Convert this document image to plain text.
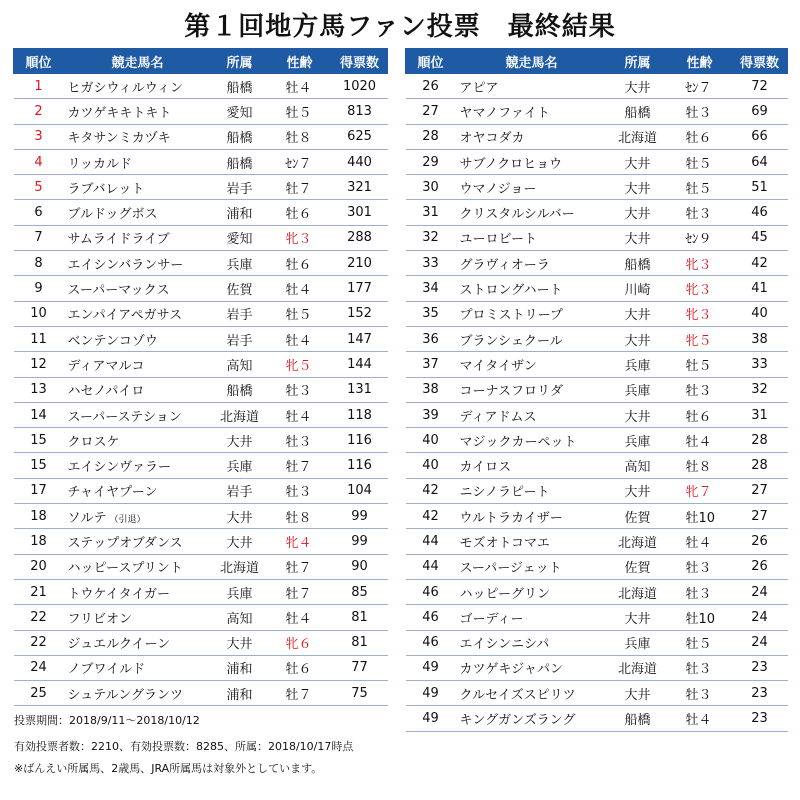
第１回地方馬ファン投票　最終結果
順位	競走馬名	所属	性齢	得票数
1	ヒガシウィルウィン	船橋	牡４	1020
2	カツゲキキトキト	愛知	牡５	813
3	キタサンミカヅキ	船橋	牡８	625
4	リッカルド	船橋	ｾﾝ７	440
5	ラブバレット	岩手	牡７	321
6	ブルドッグボス	浦和	牡６	301
7	サムライドライブ	愛知	牝３	288
8	エイシンバランサー	兵庫	牡６	210
9	スーパーマックス	佐賀	牡４	177
10	エンパイアペガサス	岩手	牡５	152
11	ベンテンコゾウ	岩手	牡４	147
12	ディアマルコ	高知	牝５	144
13	ハセノパイロ	船橋	牡３	131
14	スーパーステション	北海道	牡４	118
15	クロスケ	大井	牡３	116
15	エイシンヴァラー	兵庫	牡７	116
17	チャイヤプーン	岩手	牡３	104
18	ソルテ （引退）	大井	牡８	99
18	ステップオブダンス	大井	牝４	99
20	ハッピースプリント	北海道	牡７	90
21	トウケイタイガー	兵庫	牡７	85
22	フリビオン	高知	牡４	81
22	ジュエルクイーン	大井	牝６	81
24	ノブワイルド	浦和	牡６	77
25	シュテルングランツ	浦和	牡７	75
順位	競走馬名	所属	性齢	得票数
26	アピア	大井	ｾﾝ７	72
27	ヤマノファイト	船橋	牡３	69
28	オヤコダカ	北海道	牡６	66
29	サブノクロヒョウ	大井	牡５	64
30	ウマノジョー	大井	牡５	51
31	クリスタルシルバー	大井	牡３	46
32	ユーロビート	大井	ｾﾝ９	45
33	グラヴィオーラ	船橋	牝３	42
34	ストロングハート	川崎	牝３	41
35	プロミストリープ	大井	牝３	40
36	ブランシェクール	大井	牝５	38
37	マイタイザン	兵庫	牡５	33
38	コーナスフロリダ	兵庫	牡３	32
39	ディアドムス	大井	牡６	31
40	マジックカーペット	兵庫	牡４	28
40	カイロス	高知	牡８	28
42	ニシノラピート	大井	牝７	27
42	ウルトラカイザー	佐賀	牡10	27
44	モズオトコマエ	北海道	牡４	26
44	スーパージェット	佐賀	牡３	26
46	ハッピーグリン	北海道	牡３	24
46	ゴーディー	大井	牡10	24
46	エイシンニシパ	兵庫	牡５	24
49	カツゲキジャパン	北海道	牡３	23
49	クルセイズスピリツ	大井	牡３	23
49	キングガンズラング	船橋	牡４	23
投票期間：2018/9/11～2018/10/12
有効投票者数：2210、有効投票数：8285、所属：2018/10/17時点
※ばんえい所属馬、2歳馬、JRA所属馬は対象外としています。
